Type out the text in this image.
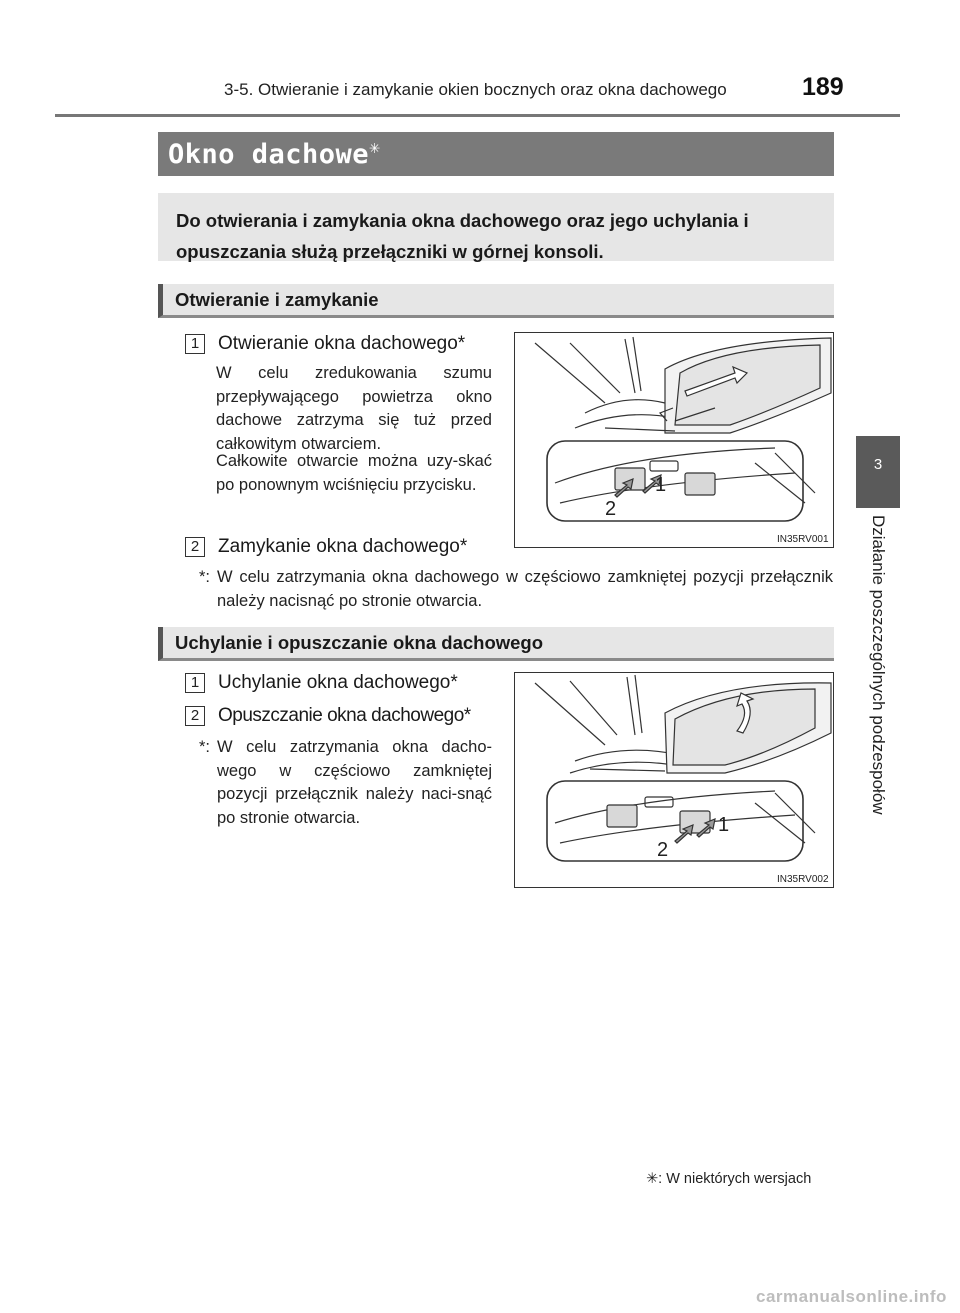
3-5. Otwieranie i zamykanie okien bocznych oraz okna dachowego	189
3
Działanie poszczególnych podzespołów
Okno dachowe✳
Do otwierania i zamykania okna dachowego oraz jego uchylania i opuszczania służą przełączniki w górnej konsoli.
Otwieranie i zamykanie
1 Otwieranie okna dachowego*
W celu zredukowania szumu przepływającego powietrza okno dachowe zatrzyma się tuż przed całkowitym otwarciem.
Całkowite otwarcie można uzy-skać po ponownym wciśnięciu przycisku.
2 Zamykanie okna dachowego*
*: W celu zatrzymania okna dachowego w częściowo zamkniętej pozycji przełącznik należy nacisnąć po stronie otwarcia.
1
2
IN35RV001
Uchylanie i opuszczanie okna dachowego
1 Uchylanie okna dachowego*
2 Opuszczanie okna dachowego*
*: W celu zatrzymania okna dacho-wego w częściowo zamkniętej pozycji przełącznik należy naci-snąć po stronie otwarcia.	1
2
IN35RV002
✳: W niektórych wersjach
carmanualsonline.info
